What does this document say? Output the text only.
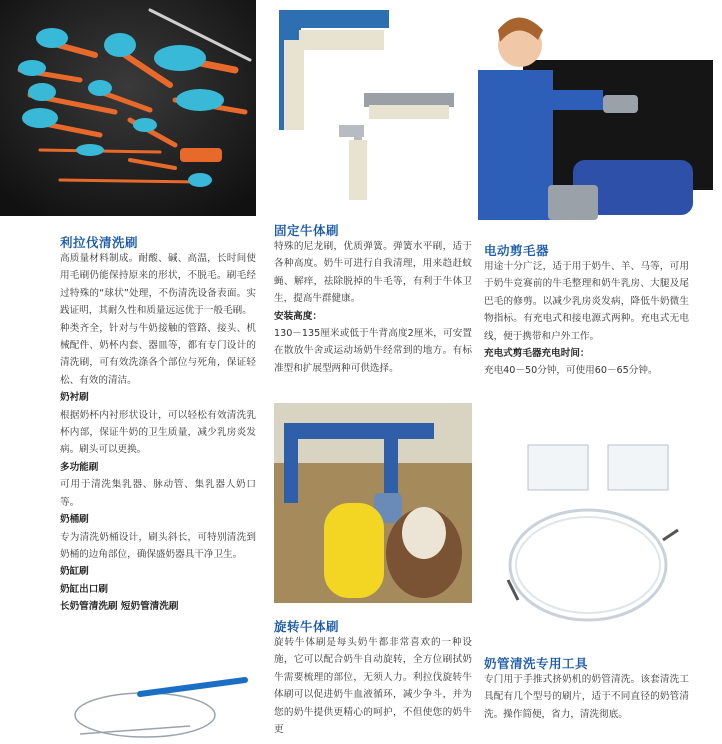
利拉伐清洗刷

高质量材料制成。耐酸、碱、高温，长时间使用毛刷仍能保持原来的形状，不脱毛。刷毛经过特殊的“球状”处理，不伤清洗设备表面。实践证明，其耐久性和质量远远优于一般毛刷。

种类齐全，针对与牛奶接触的管路、接头、机械配件、奶杯内套、器皿等，都有专门设计的清洗刷，可有效洗涤各个部位与死角，保证轻松、有效的清洁。

奶衬刷

根据奶杯内衬形状设计，可以轻松有效清洗乳杯内部，保证牛奶的卫生质量，减少乳房炎发病。刷头可以更换。

多功能刷

可用于清洗集乳器、脉动管、集乳器人奶口等。

奶桶刷

专为清洗奶桶设计，刷头斜长，可特别清洗到奶桶的边角部位，确保盛奶器具干净卫生。

奶缸刷

奶缸出口刷

长奶管清洗刷 短奶管清洗刷

固定牛体刷

特殊的尼龙刷，优质弹簧。弹簧水平刷，适于各种高度。奶牛可进行自我清理，用来趋赶蚊蝇、解痒，祛除脱掉的牛毛等，有利于牛体卫生，提高牛群健康。

安装高度：

130－135厘米或低于牛背高度2厘米，可安置在散放牛舍或运动场奶牛经常到的地方。有标准型和扩展型两种可供选择。

旋转牛体刷

旋转牛体刷是每头奶牛都非常喜欢的一种设施，它可以配合奶牛自动旋转，全方位刷拭奶牛需要梳理的部位，无须人力。利拉伐旋转牛体刷可以促进奶牛血液循环，减少争斗，并为您的奶牛提供更精心的呵护，不但使您的奶牛更

电动剪毛器

用途十分广泛，适于用于奶牛、羊、马等，可用于奶牛竞赛前的牛毛整理和奶牛乳房、大腿及尾巴毛的修剪。以减少乳房炎发病，降低牛奶微生物指标。有充电式和接电源式两种。充电式无电线，便于携带和户外工作。

充电式剪毛器充电时间：

充电40－50分钟，可使用60－65分钟。

奶管清洗专用工具

专门用于手推式挤奶机的奶管清洗。该套清洗工具配有几个型号的刷片，适于不同直径的奶管清洗。操作简便，省力，清洗彻底。
